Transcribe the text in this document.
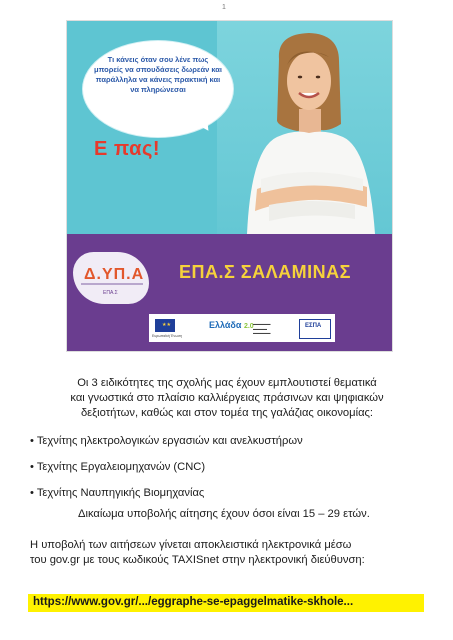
1
Τι κάνεις όταν σου λένε πως μπορείς να σπουδάσεις δωρεάν και παράλληλα να κάνεις πρακτική και να πληρώνεσαι
Ε πας!
Δ.ΥΠ.Α
ΕΠΑ.Σ
ΕΠΑ.Σ ΣΑΛΑΜΙΝΑΣ
★★
Ευρωπαϊκή Ένωση
Ελλάδα 2.0 ▬▬▬▬▬
▬▬▬▬
▬▬▬▬▬
ΕΣΠΑ

Οι 3 ειδικότητες της σχολής μας έχουν εμπλουτιστεί θεματικά

και γνωστικά στο πλαίσιο καλλιέργειας πράσινων και ψηφιακών

δεξιοτήτων, καθώς και στον τομέα της γαλάζιας οικονομίας:

• Τεχνίτης ηλεκτρολογικών εργασιών και ανελκυστήρων
• Τεχνίτης Εργαλειομηχανών (CNC)
• Τεχνίτης Ναυπηγικής Βιομηχανίας
Δικαίωμα υποβολής αίτησης έχουν όσοι είναι 15 – 29 ετών.

Η υποβολή των αιτήσεων γίνεται αποκλειστικά ηλεκτρονικά μέσω

του gov.gr με τους κωδικούς TAXISnet στην ηλεκτρονική διεύθυνση:

https://www.gov.gr/.../eggraphe-se-epaggelmatike-skhole...
